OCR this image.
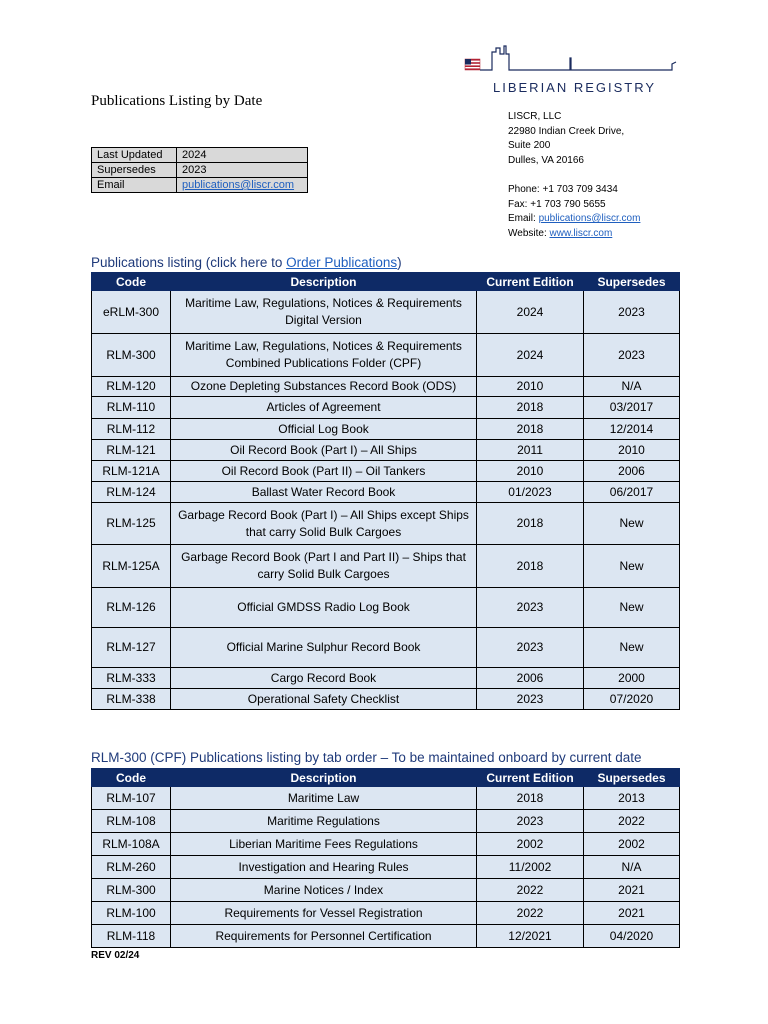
Publications Listing by Date
LIBERIAN REGISTRY
LISCR, LLC
22980 Indian Creek Drive,
Suite 200
Dulles, VA 20166
Phone: +1 703 709 3434
Fax: +1 703 790 5655
Email: publications@liscr.com
Website: www.liscr.com
Last Updated	2024
Supersedes	2023
Email	publications@liscr.com
Publications listing (click here to Order Publications)
Code	Description	Current Edition	Supersedes
eRLM-300	Maritime Law, Regulations, Notices & Requirements Digital Version	2024	2023
RLM-300	Maritime Law, Regulations, Notices & Requirements Combined Publications Folder (CPF)	2024	2023
RLM-120	Ozone Depleting Substances Record Book (ODS)	2010	N/A
RLM-110	Articles of Agreement	2018	03/2017
RLM-112	Official Log Book	2018	12/2014
RLM-121	Oil Record Book (Part I) – All Ships	2011	2010
RLM-121A	Oil Record Book (Part II) – Oil Tankers	2010	2006
RLM-124	Ballast Water Record Book	01/2023	06/2017
RLM-125	Garbage Record Book (Part I) – All Ships except Ships that carry Solid Bulk Cargoes	2018	New
RLM-125A	Garbage Record Book (Part I and Part II) – Ships that carry Solid Bulk Cargoes	2018	New
RLM-126	Official GMDSS Radio Log Book	2023	New
RLM-127	Official Marine Sulphur Record Book	2023	New
RLM-333	Cargo Record Book	2006	2000
RLM-338	Operational Safety Checklist	2023	07/2020
RLM-300 (CPF) Publications listing by tab order – To be maintained onboard by current date
Code	Description	Current Edition	Supersedes
RLM-107	Maritime Law	2018	2013
RLM-108	Maritime Regulations	2023	2022
RLM-108A	Liberian Maritime Fees Regulations	2002	2002
RLM-260	Investigation and Hearing Rules	11/2002	N/A
RLM-300	Marine Notices / Index	2022	2021
RLM-100	Requirements for Vessel Registration	2022	2021
RLM-118	Requirements for Personnel Certification	12/2021	04/2020
REV 02/24
